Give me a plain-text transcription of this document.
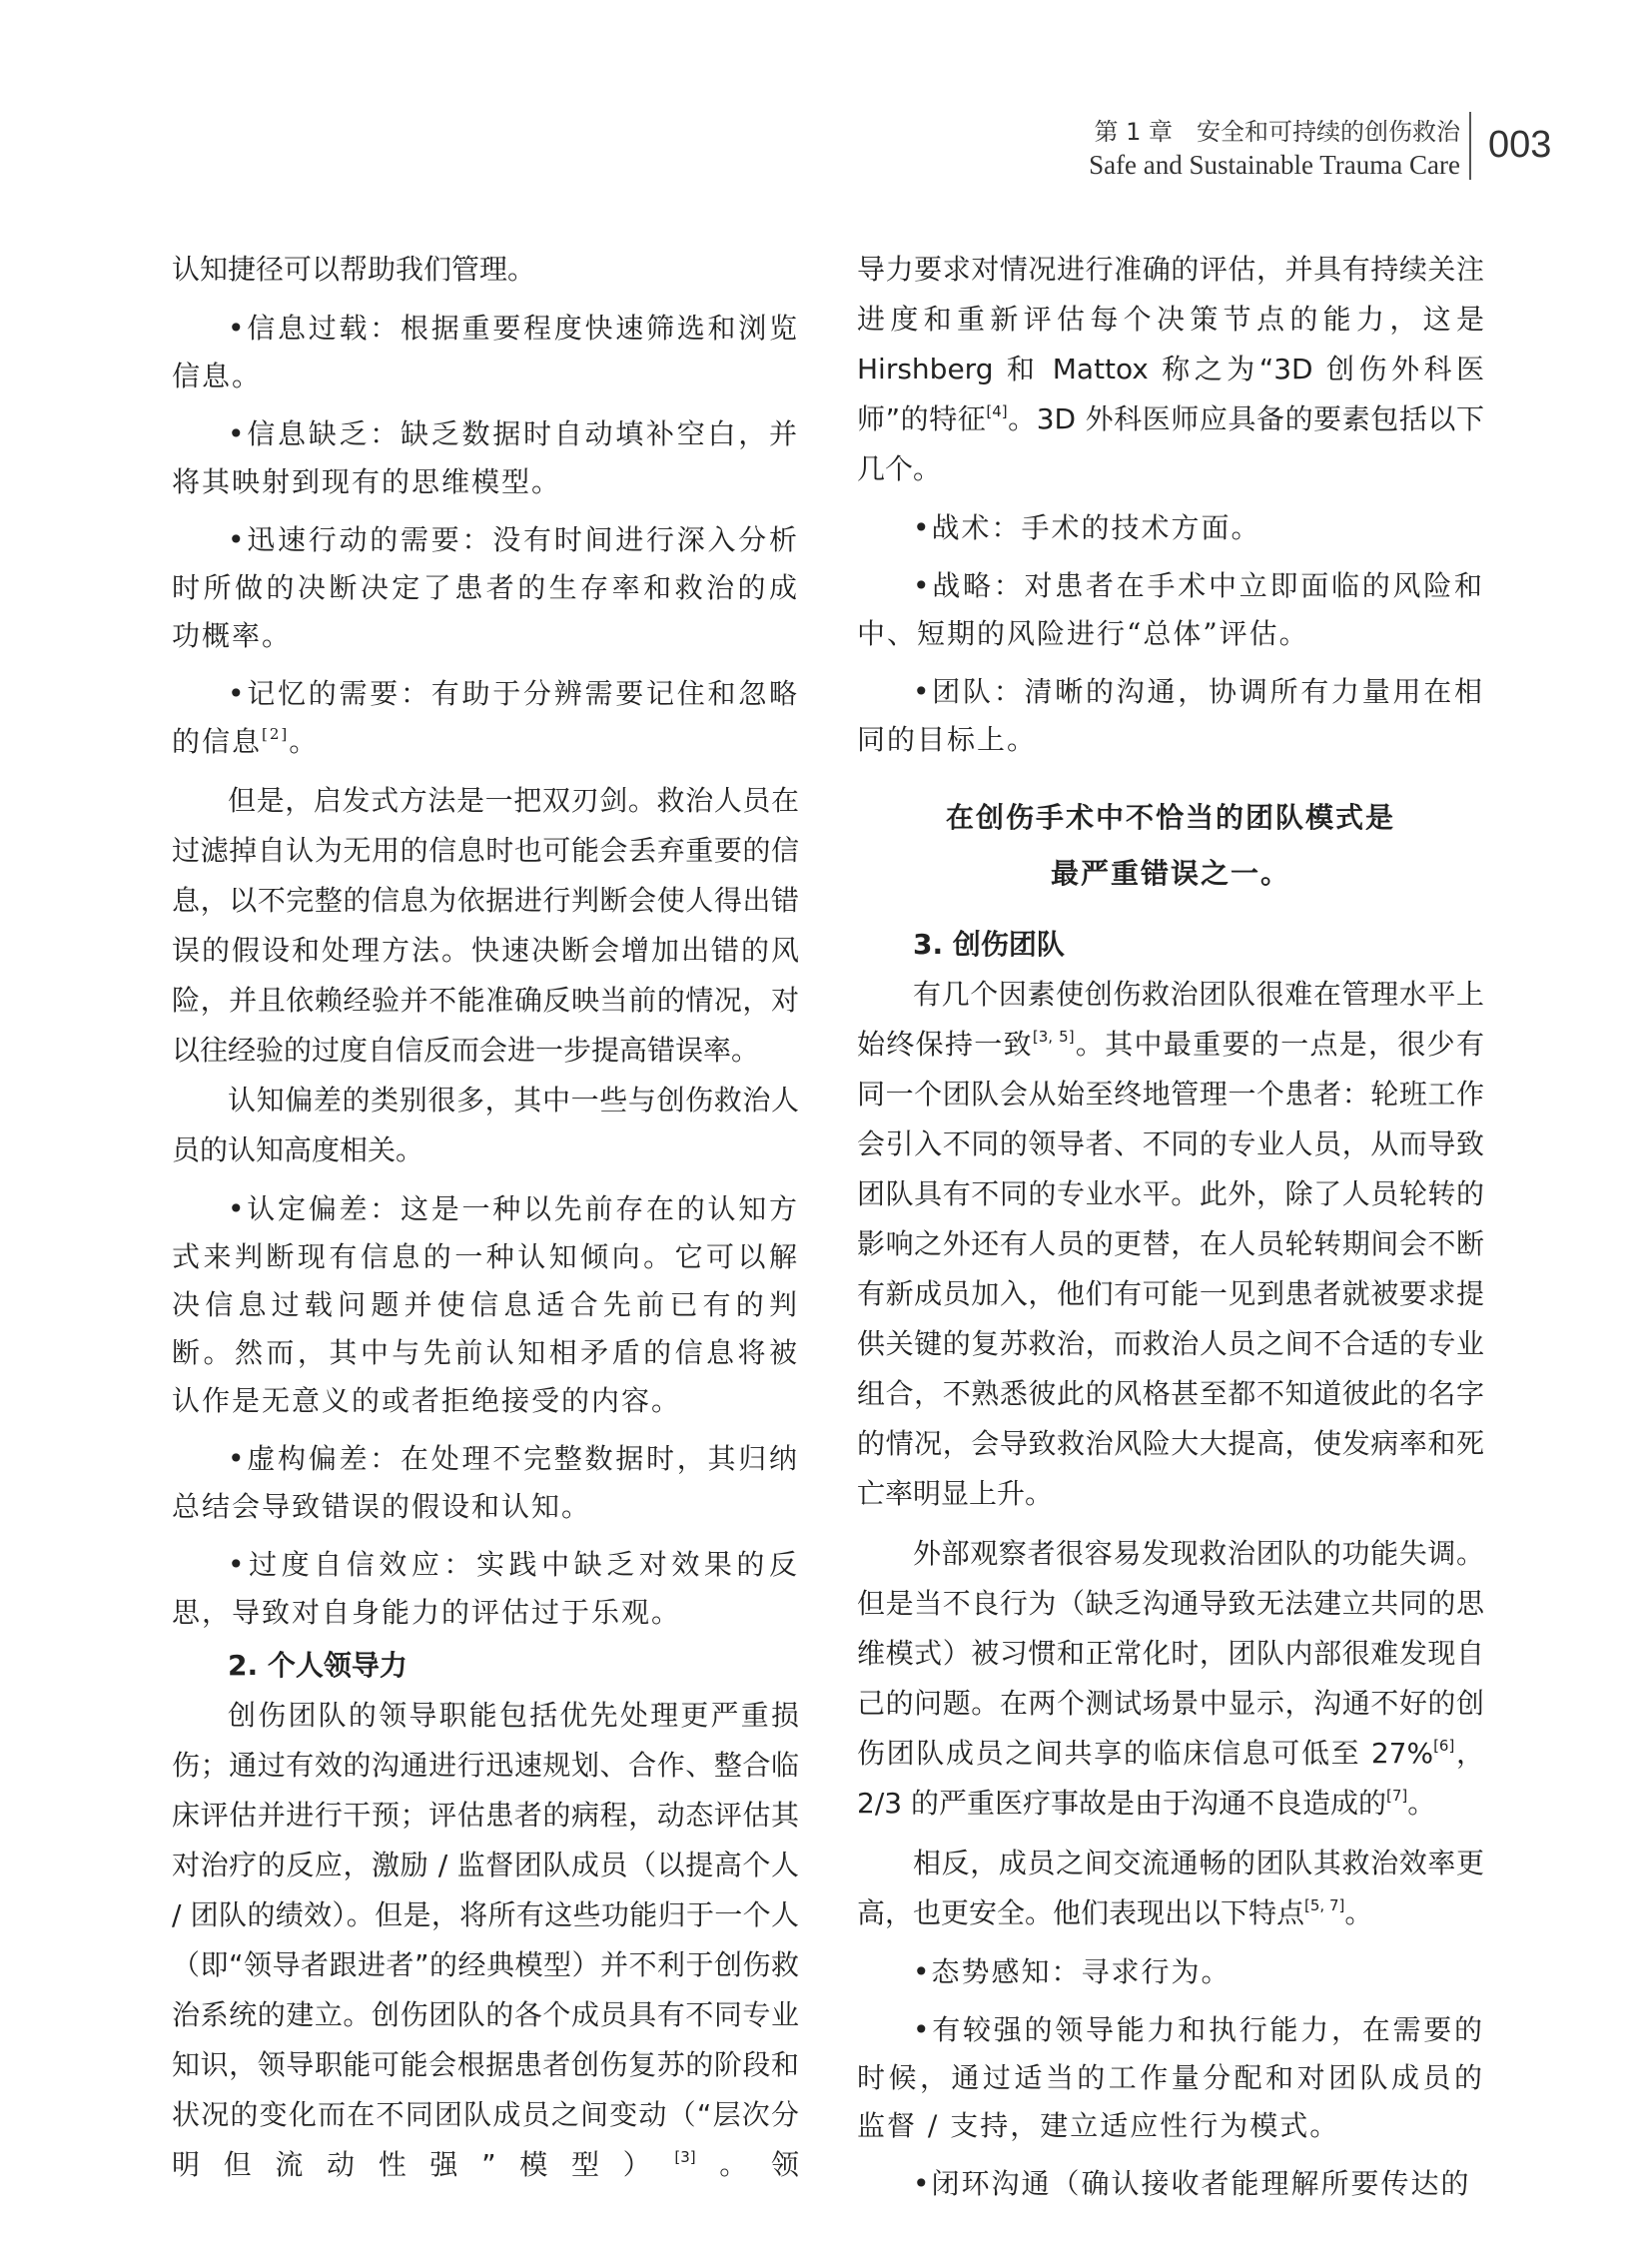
第 1 章　安全和可持续的创伤救治
Safe and Sustainable Trauma Care 003

认知捷径可以帮助我们管理。

•信息过载：根据重要程度快速筛选和浏览信息。

•信息缺乏：缺乏数据时自动填补空白，并将其映射到现有的思维模型。

•迅速行动的需要：没有时间进行深入分析时所做的决断决定了患者的生存率和救治的成功概率。

•记忆的需要：有助于分辨需要记住和忽略的信息[2]。

但是，启发式方法是一把双刃剑。救治人员在过滤掉自认为无用的信息时也可能会丢弃重要的信息，以不完整的信息为依据进行判断会使人得出错误的假设和处理方法。快速决断会增加出错的风险，并且依赖经验并不能准确反映当前的情况，对以往经验的过度自信反而会进一步提高错误率。

认知偏差的类别很多，其中一些与创伤救治人员的认知高度相关。

•认定偏差：这是一种以先前存在的认知方式来判断现有信息的一种认知倾向。它可以解决信息过载问题并使信息适合先前已有的判断。然而，其中与先前认知相矛盾的信息将被认作是无意义的或者拒绝接受的内容。

•虚构偏差：在处理不完整数据时，其归纳总结会导致错误的假设和认知。

•过度自信效应：实践中缺乏对效果的反思，导致对自身能力的评估过于乐观。

2. 个人领导力

创伤团队的领导职能包括优先处理更严重损伤；通过有效的沟通进行迅速规划、合作、整合临床评估并进行干预；评估患者的病程，动态评估其对治疗的反应，激励 / 监督团队成员（以提高个人 / 团队的绩效）。但是，将所有这些功能归于一个人（即“领导者跟进者”的经典模型）并不利于创伤救治系统的建立。创伤团队的各个成员具有不同专业知识，领导职能可能会根据患者创伤复苏的阶段和状况的变化而在不同团队成员之间变动（“层次分明但流动性强”模型）[3]。领

导力要求对情况进行准确的评估，并具有持续关注进度和重新评估每个决策节点的能力，这是Hirshberg 和 Mattox 称之为“3D 创伤外科医师”的特征[4]。3D 外科医师应具备的要素包括以下几个。

•战术：手术的技术方面。

•战略：对患者在手术中立即面临的风险和中、短期的风险进行“总体”评估。

•团队：清晰的沟通，协调所有力量用在相同的目标上。

在创伤手术中不恰当的团队模式是
最严重错误之一。

3. 创伤团队

有几个因素使创伤救治团队很难在管理水平上始终保持一致[3, 5]。其中最重要的一点是，很少有同一个团队会从始至终地管理一个患者：轮班工作会引入不同的领导者、不同的专业人员，从而导致团队具有不同的专业水平。此外，除了人员轮转的影响之外还有人员的更替，在人员轮转期间会不断有新成员加入，他们有可能一见到患者就被要求提供关键的复苏救治，而救治人员之间不合适的专业组合，不熟悉彼此的风格甚至都不知道彼此的名字的情况，会导致救治风险大大提高，使发病率和死亡率明显上升。

外部观察者很容易发现救治团队的功能失调。但是当不良行为（缺乏沟通导致无法建立共同的思维模式）被习惯和正常化时，团队内部很难发现自己的问题。在两个测试场景中显示，沟通不好的创伤团队成员之间共享的临床信息可低至 27%[6]，2/3 的严重医疗事故是由于沟通不良造成的[7]。

相反，成员之间交流通畅的团队其救治效率更高，也更安全。他们表现出以下特点[5, 7]。

•态势感知：寻求行为。

•有较强的领导能力和执行能力，在需要的时候，通过适当的工作量分配和对团队成员的监督 / 支持，建立适应性行为模式。

•闭环沟通（确认接收者能理解所要传达的
